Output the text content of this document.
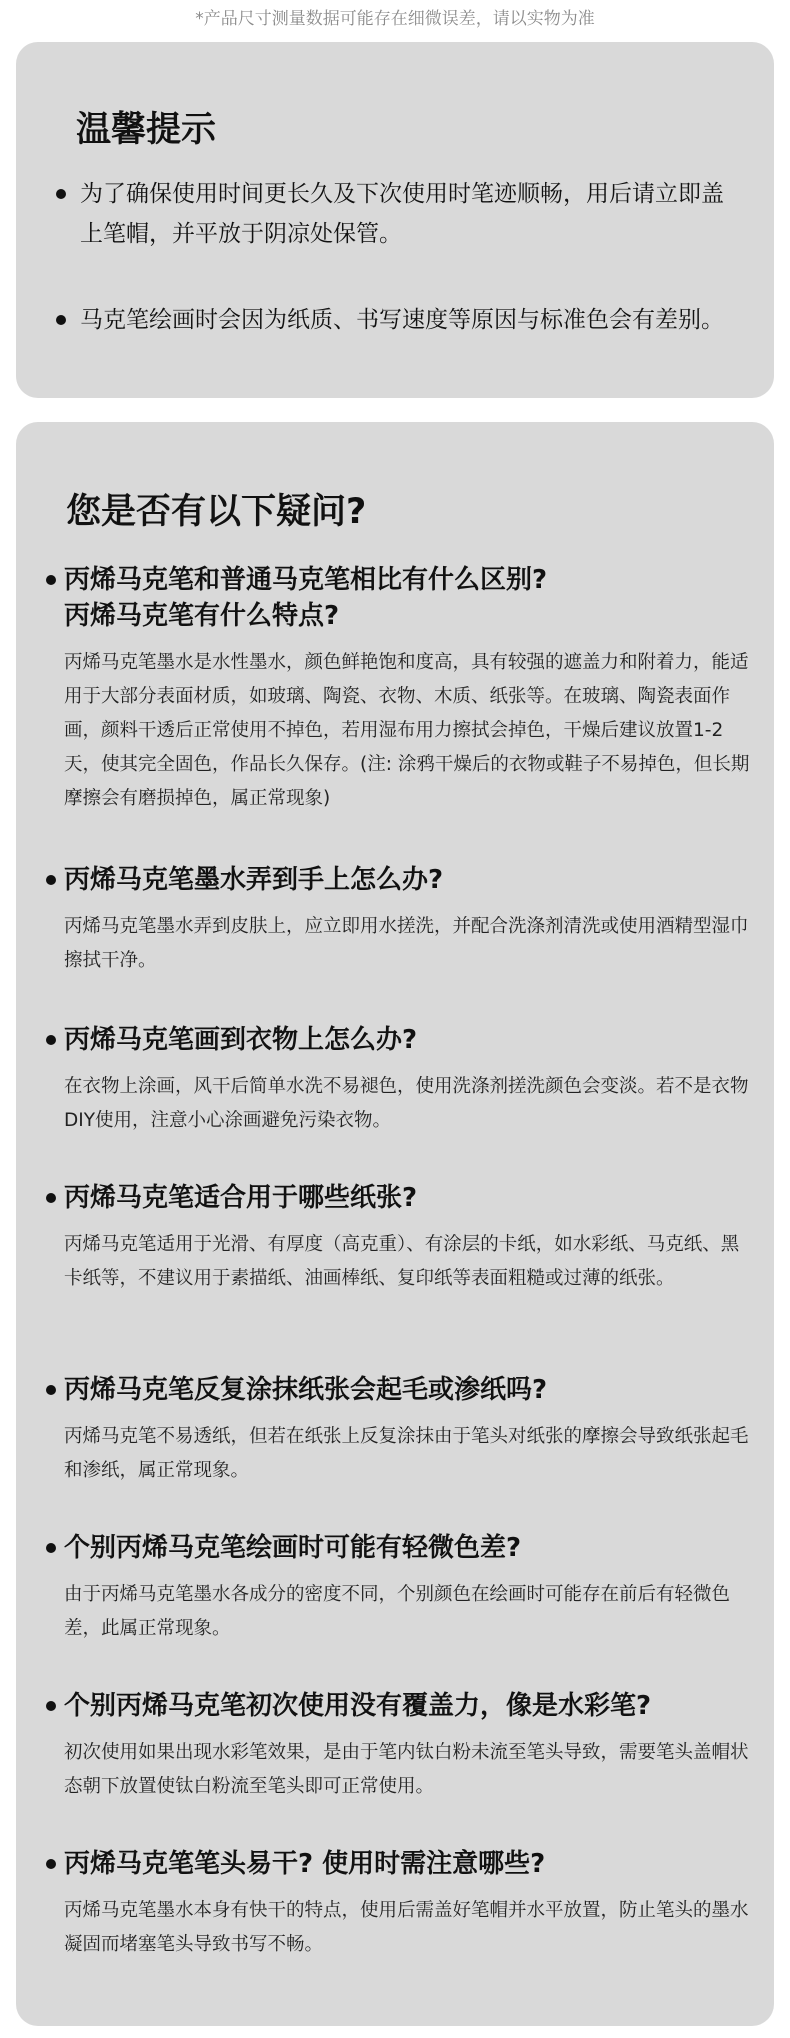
*产品尺寸测量数据可能存在细微误差，请以实物为准
温馨提示
为了确保使用时间更长久及下次使用时笔迹顺畅，用后请立即盖上笔帽，并平放于阴凉处保管。
马克笔绘画时会因为纸质、书写速度等原因与标准色会有差别。
您是否有以下疑问?
丙烯马克笔和普通马克笔相比有什么区别?
丙烯马克笔有什么特点?
丙烯马克笔墨水是水性墨水，颜色鲜艳饱和度高，具有较强的遮盖力和附着力，能适用于大部分表面材质，如玻璃、陶瓷、衣物、木质、纸张等。在玻璃、陶瓷表面作画，颜料干透后正常使用不掉色，若用湿布用力擦拭会掉色，干燥后建议放置1-2天，使其完全固色，作品长久保存。(注: 涂鸦干燥后的衣物或鞋子不易掉色，但长期摩擦会有磨损掉色，属正常现象)
丙烯马克笔墨水弄到手上怎么办?
丙烯马克笔墨水弄到皮肤上，应立即用水搓洗，并配合洗涤剂清洗或使用酒精型湿巾擦拭干净。
丙烯马克笔画到衣物上怎么办?
在衣物上涂画，风干后简单水洗不易褪色，使用洗涤剂搓洗颜色会变淡。若不是衣物DIY使用，注意小心涂画避免污染衣物。
丙烯马克笔适合用于哪些纸张?
丙烯马克笔适用于光滑、有厚度（高克重）、有涂层的卡纸，如水彩纸、马克纸、黑卡纸等，不建议用于素描纸、油画棒纸、复印纸等表面粗糙或过薄的纸张。
丙烯马克笔反复涂抹纸张会起毛或渗纸吗?
丙烯马克笔不易透纸，但若在纸张上反复涂抹由于笔头对纸张的摩擦会导致纸张起毛和渗纸，属正常现象。
个别丙烯马克笔绘画时可能有轻微色差?
由于丙烯马克笔墨水各成分的密度不同，个别颜色在绘画时可能存在前后有轻微色差，此属正常现象。
个别丙烯马克笔初次使用没有覆盖力，像是水彩笔?
初次使用如果出现水彩笔效果，是由于笔内钛白粉未流至笔头导致，需要笔头盖帽状态朝下放置使钛白粉流至笔头即可正常使用。
丙烯马克笔笔头易干? 使用时需注意哪些?
丙烯马克笔墨水本身有快干的特点，使用后需盖好笔帽并水平放置，防止笔头的墨水凝固而堵塞笔头导致书写不畅。
